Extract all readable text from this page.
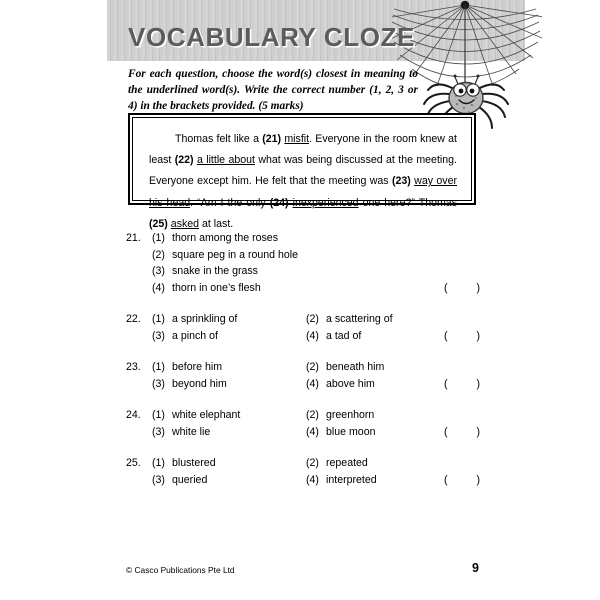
VOCABULARY CLOZE
For each question, choose the word(s) closest in meaning to the underlined word(s). Write the correct number (1, 2, 3 or 4) in the brackets provided. (5 marks)
Thomas felt like a (21) misfit. Everyone in the room knew at least (22) a little about what was being discussed at the meeting. Everyone except him. He felt that the meeting was (23) way over his head. “Am I the only (24) inexperienced one here?” Thomas (25) asked at last.
21.	(1) thorn among the roses
(2) square peg in a round hole
(3) snake in the grass
(4) thorn in one’s flesh	( )
22.	(1) a sprinkling of	(2) a scattering of
(3) a pinch of	(4) a tad of	( )
23.	(1) before him	(2) beneath him
(3) beyond him	(4) above him	( )
24.	(1) white elephant	(2) greenhorn
(3) white lie	(4) blue moon	( )
25.	(1) blustered	(2) repeated
(3) queried	(4) interpreted	( )
© Casco Publications Pte Ltd	9
